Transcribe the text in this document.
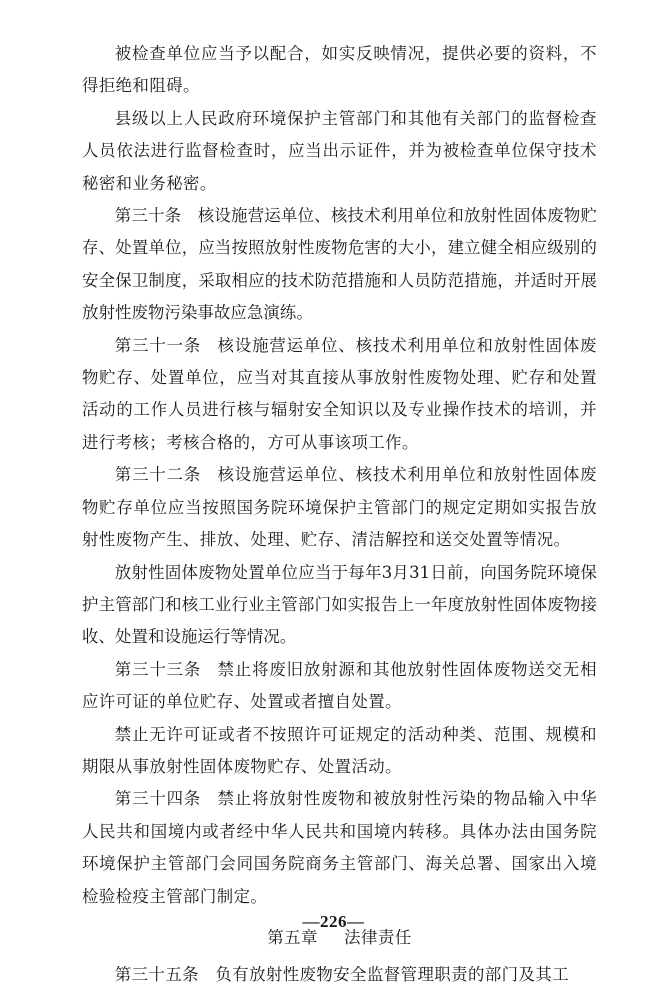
被检查单位应当予以配合，如实反映情况，提供必要的资料，不得拒绝和阻碍。

县级以上人民政府环境保护主管部门和其他有关部门的监督检查人员依法进行监督检查时，应当出示证件，并为被检查单位保守技术秘密和业务秘密。

第三十条 核设施营运单位、核技术利用单位和放射性固体废物贮存、处置单位，应当按照放射性废物危害的大小，建立健全相应级别的安全保卫制度，采取相应的技术防范措施和人员防范措施，并适时开展放射性废物污染事故应急演练。

第三十一条 核设施营运单位、核技术利用单位和放射性固体废物贮存、处置单位，应当对其直接从事放射性废物处理、贮存和处置活动的工作人员进行核与辐射安全知识以及专业操作技术的培训，并进行考核；考核合格的，方可从事该项工作。

第三十二条 核设施营运单位、核技术利用单位和放射性固体废物贮存单位应当按照国务院环境保护主管部门的规定定期如实报告放射性废物产生、排放、处理、贮存、清洁解控和送交处置等情况。

放射性固体废物处置单位应当于每年3月31日前，向国务院环境保护主管部门和核工业行业主管部门如实报告上一年度放射性固体废物接收、处置和设施运行等情况。

第三十三条 禁止将废旧放射源和其他放射性固体废物送交无相应许可证的单位贮存、处置或者擅自处置。

禁止无许可证或者不按照许可证规定的活动种类、范围、规模和期限从事放射性固体废物贮存、处置活动。

第三十四条 禁止将放射性废物和被放射性污染的物品输入中华人民共和国境内或者经中华人民共和国境内转移。具体办法由国务院环境保护主管部门会同国务院商务主管部门、海关总署、国家出入境检验检疫主管部门制定。

第五章 法律责任

第三十五条 负有放射性废物安全监督管理职责的部门及其工

—226—
